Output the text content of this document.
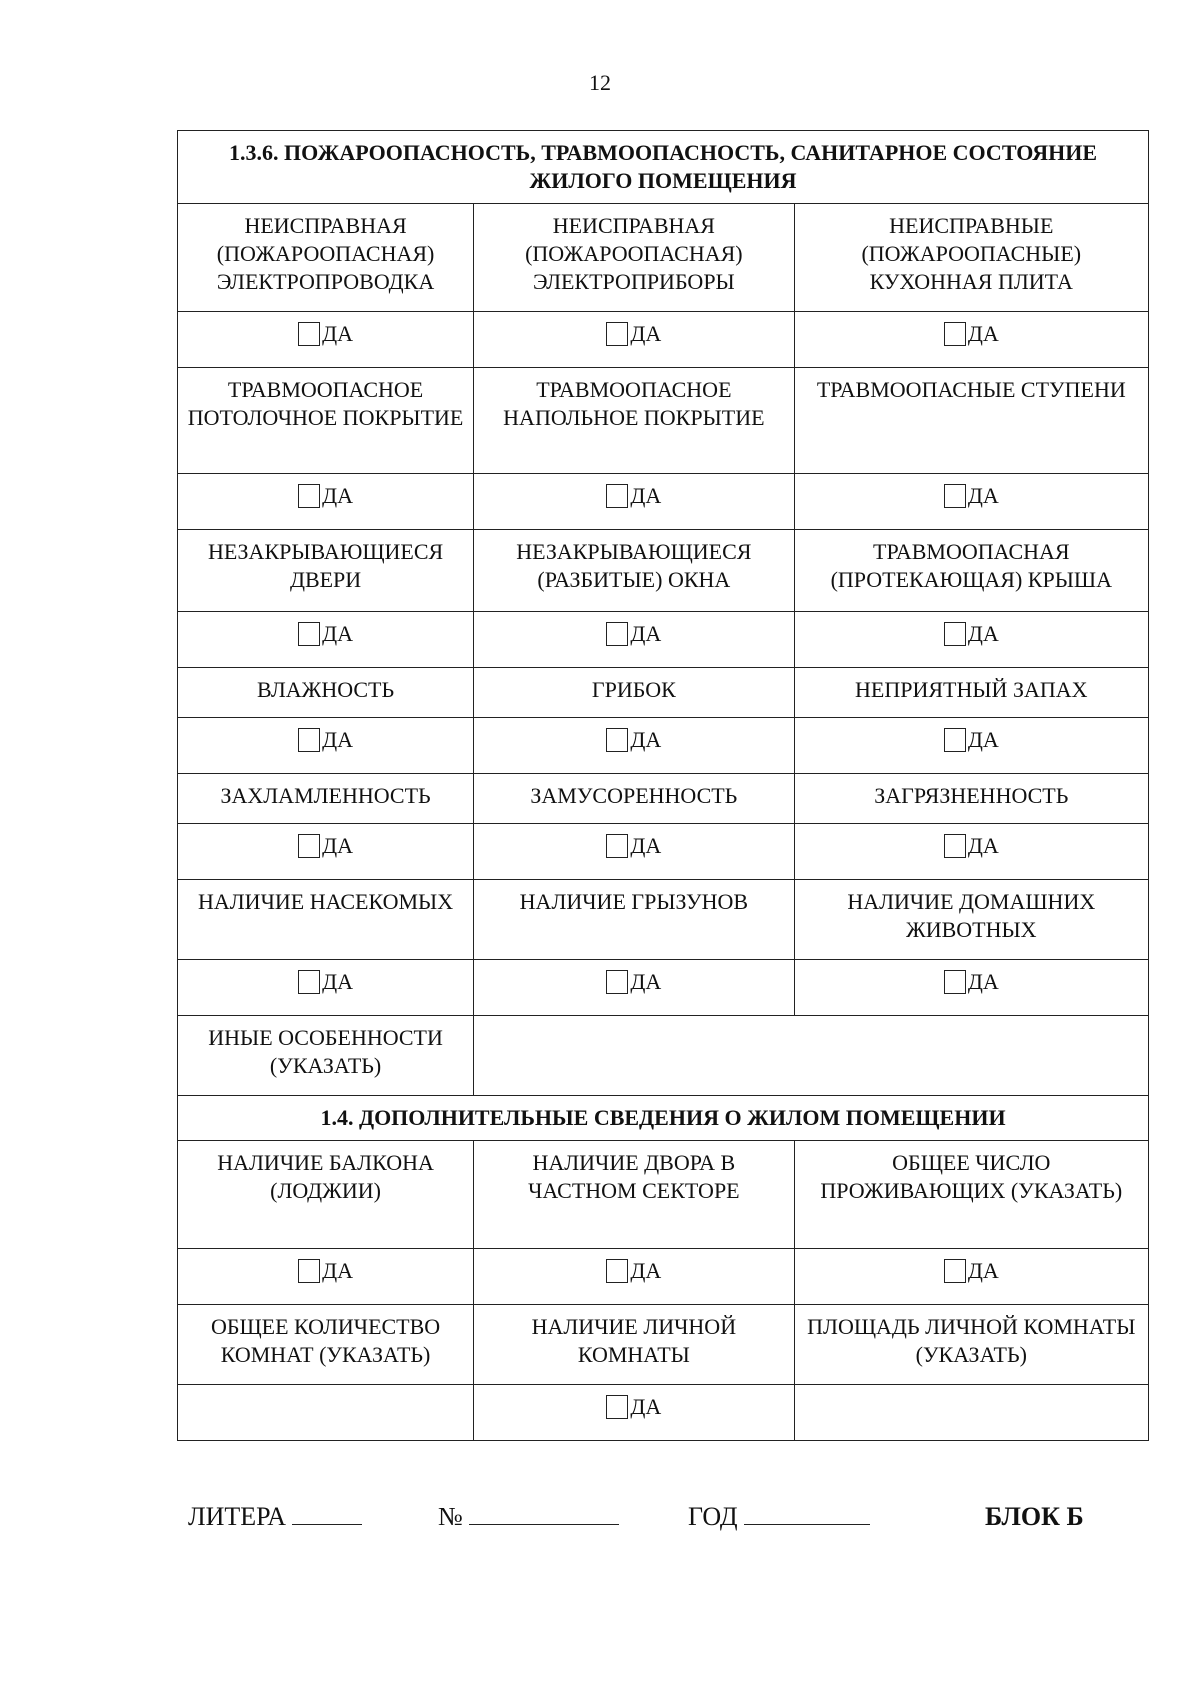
12
1.3.6. ПОЖАРООПАСНОСТЬ, ТРАВМООПАСНОСТЬ, САНИТАРНОЕ СОСТОЯНИЕ ЖИЛОГО ПОМЕЩЕНИЯ		
НЕИСПРАВНАЯ (ПОЖАРООПАСНАЯ) ЭЛЕКТРОПРОВОДКА	НЕИСПРАВНАЯ (ПОЖАРООПАСНАЯ) ЭЛЕКТРОПРИБОРЫ	НЕИСПРАВНЫЕ (ПОЖАРООПАСНЫЕ) КУХОННАЯ ПЛИТА

ДА	ДА	ДА

ТРАВМООПАСНОЕ ПОТОЛОЧНОЕ ПОКРЫТИЕ	ТРАВМООПАСНОЕ НАПОЛЬНОЕ ПОКРЫТИЕ	ТРАВМООПАСНЫЕ СТУПЕНИ

ДА	ДА	ДА

НЕЗАКРЫВАЮЩИЕСЯ ДВЕРИ	НЕЗАКРЫВАЮЩИЕСЯ (РАЗБИТЫЕ) ОКНА	ТРАВМООПАСНАЯ (ПРОТЕКАЮЩАЯ) КРЫША

ДА	ДА	ДА

ВЛАЖНОСТЬ	ГРИБОК	НЕПРИЯТНЫЙ ЗАПАХ

ДА	ДА	ДА

ЗАХЛАМЛЕННОСТЬ	ЗАМУСОРЕННОСТЬ	ЗАГРЯЗНЕННОСТЬ

ДА	ДА	ДА

НАЛИЧИЕ НАСЕКОМЫХ	НАЛИЧИЕ ГРЫЗУНОВ	НАЛИЧИЕ ДОМАШНИХ ЖИВОТНЫХ

ДА	ДА	ДА

ИНЫЕ ОСОБЕННОСТИ (УКАЗАТЬ)		
1.4. ДОПОЛНИТЕЛЬНЫЕ СВЕДЕНИЯ О ЖИЛОМ ПОМЕЩЕНИИ		
НАЛИЧИЕ БАЛКОНА (ЛОДЖИИ)	НАЛИЧИЕ ДВОРА В ЧАСТНОМ СЕКТОРЕ	ОБЩЕЕ ЧИСЛО ПРОЖИВАЮЩИХ (УКАЗАТЬ)

ДА	ДА	ДА

ОБЩЕЕ КОЛИЧЕСТВО КОМНАТ (УКАЗАТЬ)	НАЛИЧИЕ ЛИЧНОЙ КОМНАТЫ	ПЛОЩАДЬ ЛИЧНОЙ КОМНАТЫ (УКАЗАТЬ)

	ДА	

ЛИТЕРА	№	ГОД	БЛОК Б
